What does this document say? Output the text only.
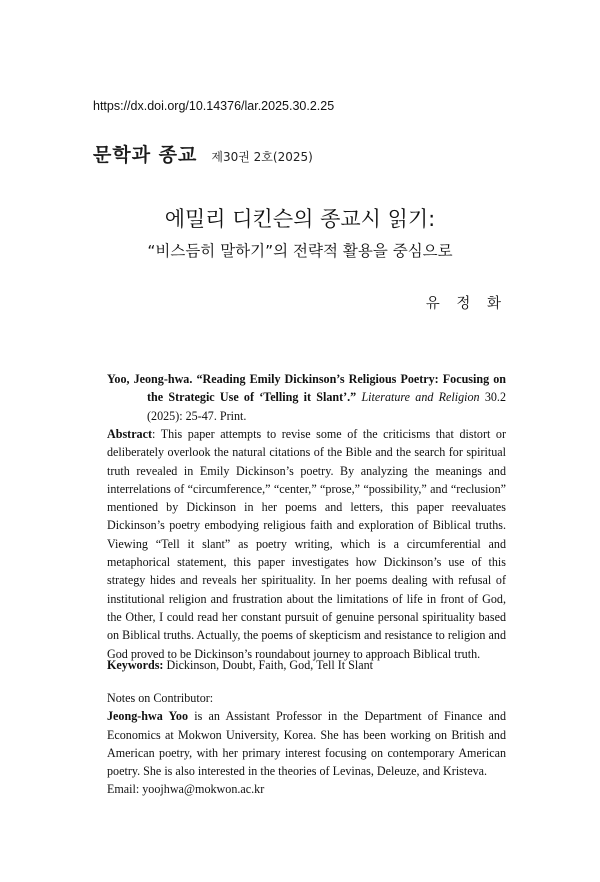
https://dx.doi.org/10.14376/lar.2025.30.2.25
문학과 종교 제30권 2호(2025)
에밀리 디킨슨의 종교시 읽기:
“비스듬히 말하기”의 전략적 활용을 중심으로
유 정 화

Yoo, Jeong-hwa. “Reading Emily Dickinson’s Religious Poetry: Focusing on the Strategic Use of ‘Telling it Slant’.” Literature and Religion 30.2 (2025): 25-47. Print.

Abstract: This paper attempts to revise some of the criticisms that distort or deliberately overlook the natural citations of the Bible and the search for spiritual truth revealed in Emily Dickinson’s poetry. By analyzing the meanings and interrelations of “circumference,” “center,” “prose,” “possibility,” and “reclusion” mentioned by Dickinson in her poems and letters, this paper reevaluates Dickinson’s poetry embodying religious faith and exploration of Biblical truths. Viewing “Tell it slant” as poetry writing, which is a circumferential and metaphorical statement, this paper investigates how Dickinson’s use of this strategy hides and reveals her spirituality. In her poems dealing with refusal of institutional religion and frustration about the limitations of life in front of God, the Other, I could read her constant pursuit of genuine personal spirituality based on Biblical truths. Actually, the poems of skepticism and resistance to religion and God proved to be Dickinson’s roundabout journey to approach Biblical truth.

Keywords: Dickinson, Doubt, Faith, God, Tell It Slant

Notes on Contributor:

Jeong-hwa Yoo is an Assistant Professor in the Department of Finance and Economics at Mokwon University, Korea. She has been working on British and American poetry, with her primary interest focusing on contemporary American poetry. She is also interested in the theories of Levinas, Deleuze, and Kristeva.

Email: yoojhwa@mokwon.ac.kr
